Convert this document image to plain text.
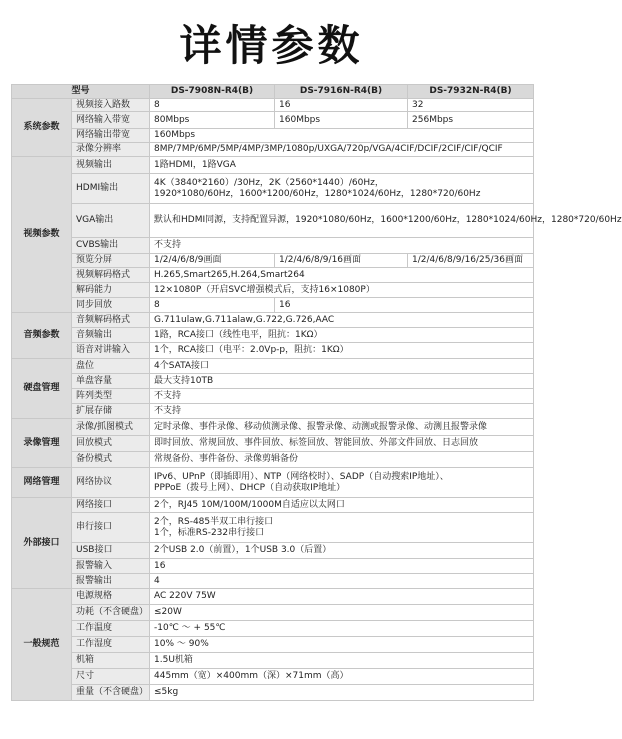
详情参数
型号		DS-7908N-R4(B)	DS-7916N-R4(B)	DS-7932N-R4(B)
系统参数	视频接入路数	8	16	32
	网络输入带宽	80Mbps	160Mbps	256Mbps
	网络输出带宽	160Mbps		
	录像分辨率	8MP/7MP/6MP/5MP/4MP/3MP/1080p/UXGA/720p/VGA/4CIF/DCIF/2CIF/CIF/QCIF		
视频参数	视频输出	1路HDMI，1路VGA		
	HDMI输出	4K（3840*2160）/30Hz，2K（2560*1440）/60Hz，
1920*1080/60Hz，1600*1200/60Hz，1280*1024/60Hz，1280*720/60Hz		

	VGA输出	默认和HDMI同源，支持配置异源，1920*1080/60Hz，1600*1200/60Hz，1280*1024/60Hz，1280*720/60Hz		
	CVBS输出	不支持		
	预览分屏	1/2/4/6/8/9画面	1/2/4/6/8/9/16画面	1/2/4/6/8/9/16/25/36画面
	视频解码格式	H.265,Smart265,H.264,Smart264		
	解码能力	12×1080P（开启SVC增强模式后，支持16×1080P）		
	同步回放	8	16	
音频参数	音频解码格式	G.711ulaw,G.711alaw,G.722,G.726,AAC		
	音频输出	1路，RCA接口（线性电平，阻抗：1KΩ）		
	语音对讲输入	1个，RCA接口（电平：2.0Vp-p，阻抗：1KΩ）		
硬盘管理	盘位	4个SATA接口		
	单盘容量	最大支持10TB		
	阵列类型	不支持		
	扩展存储	不支持		
录像管理	录像/抓图模式	定时录像、事件录像、移动侦测录像、报警录像、动测或报警录像、动测且报警录像		
	回放模式	即时回放、常规回放、事件回放、标签回放、智能回放、外部文件回放、日志回放		
	备份模式	常规备份、事件备份、录像剪辑备份		
网络管理	网络协议	IPv6、UPnP（即插即用）、NTP（网络校时）、SADP（自动搜索IP地址）、
PPPoE（拨号上网）、DHCP（自动获取IP地址）		

外部接口	网络接口	2个，RJ45 10M/100M/1000M自适应以太网口		
	串行接口	2个，RS-485半双工串行接口
1个，标准RS-232串行接口		

	USB接口	2个USB 2.0（前置），1个USB 3.0（后置）		
	报警输入	16		
	报警输出	4		
一般规范	电源规格	AC 220V 75W		
	功耗（不含硬盘）	≤20W		
	工作温度	-10℃ ～ + 55℃		
	工作湿度	10% ～ 90%		
	机箱	1.5U机箱		
	尺寸	445mm（宽）×400mm（深）×71mm（高）		
	重量（不含硬盘）	≤5kg		
